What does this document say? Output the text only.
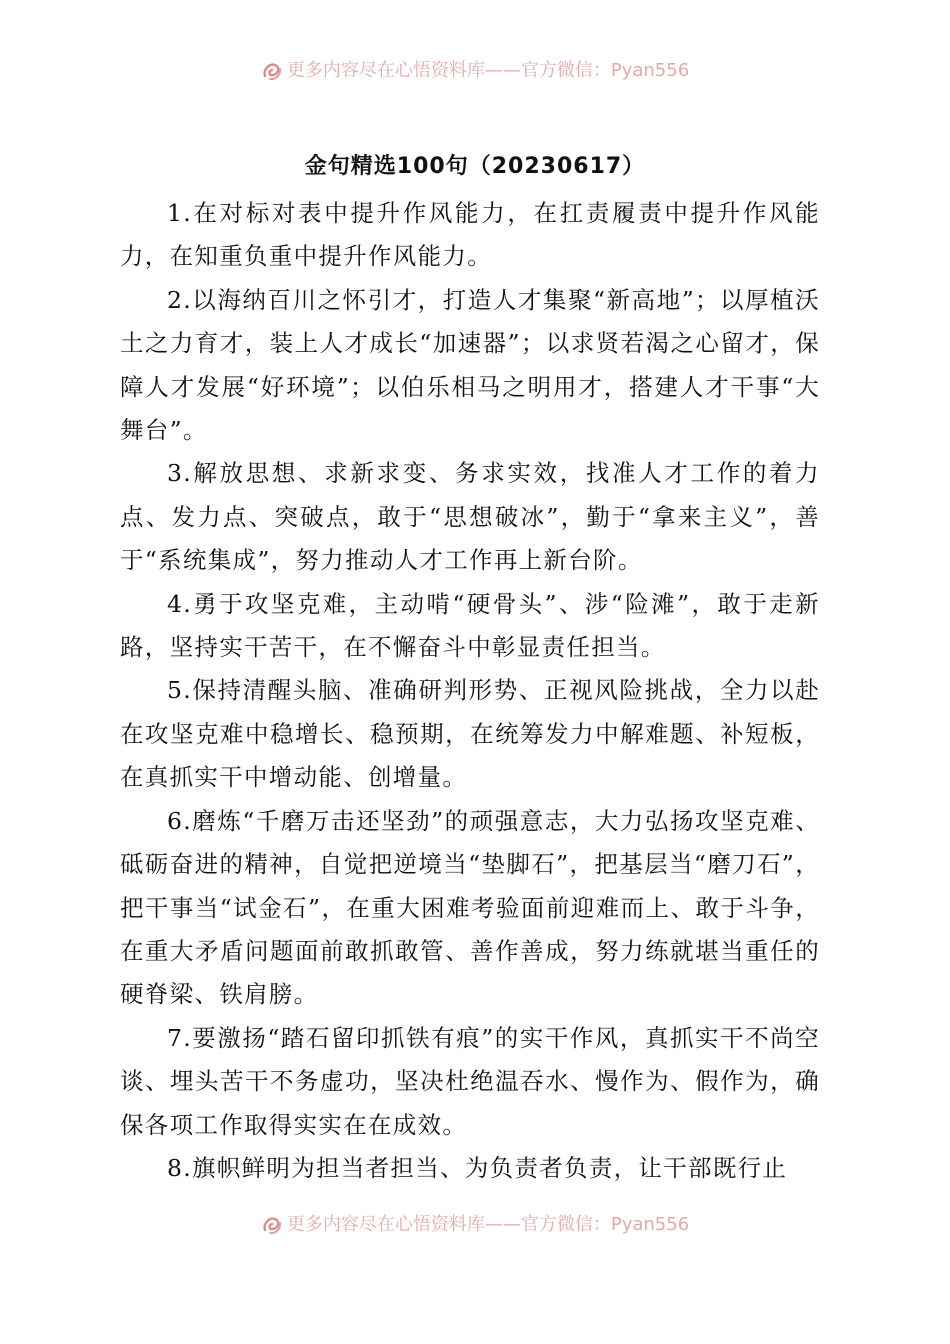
更多内容尽在心悟资料库——官方微信：Pyan556
金句精选100句（20230617）

1.在对标对表中提升作风能力，在扛责履责中提升作风能力，在知重负重中提升作风能力。

2.以海纳百川之怀引才，打造人才集聚“新高地”；以厚植沃土之力育才，装上人才成长“加速器”；以求贤若渴之心留才，保障人才发展“好环境”；以伯乐相马之明用才，搭建人才干事“大舞台”。

3.解放思想、求新求变、务求实效，找准人才工作的着力点、发力点、突破点，敢于“思想破冰”，勤于“拿来主义”，善于“系统集成”，努力推动人才工作再上新台阶。

4.勇于攻坚克难，主动啃“硬骨头”、涉“险滩”，敢于走新路，坚持实干苦干，在不懈奋斗中彰显责任担当。

5.保持清醒头脑、准确研判形势、正视风险挑战，全力以赴在攻坚克难中稳增长、稳预期，在统筹发力中解难题、补短板，在真抓实干中增动能、创增量。

6.磨炼“千磨万击还坚劲”的顽强意志，大力弘扬攻坚克难、砥砺奋进的精神，自觉把逆境当“垫脚石”，把基层当“磨刀石”，把干事当“试金石”，在重大困难考验面前迎难而上、敢于斗争，在重大矛盾问题面前敢抓敢管、善作善成，努力练就堪当重任的硬脊梁、铁肩膀。

7.要激扬“踏石留印抓铁有痕”的实干作风，真抓实干不尚空谈、埋头苦干不务虚功，坚决杜绝温吞水、慢作为、假作为，确保各项工作取得实实在在成效。

8.旗帜鲜明为担当者担当、为负责者负责，让干部既行止

更多内容尽在心悟资料库——官方微信：Pyan556
